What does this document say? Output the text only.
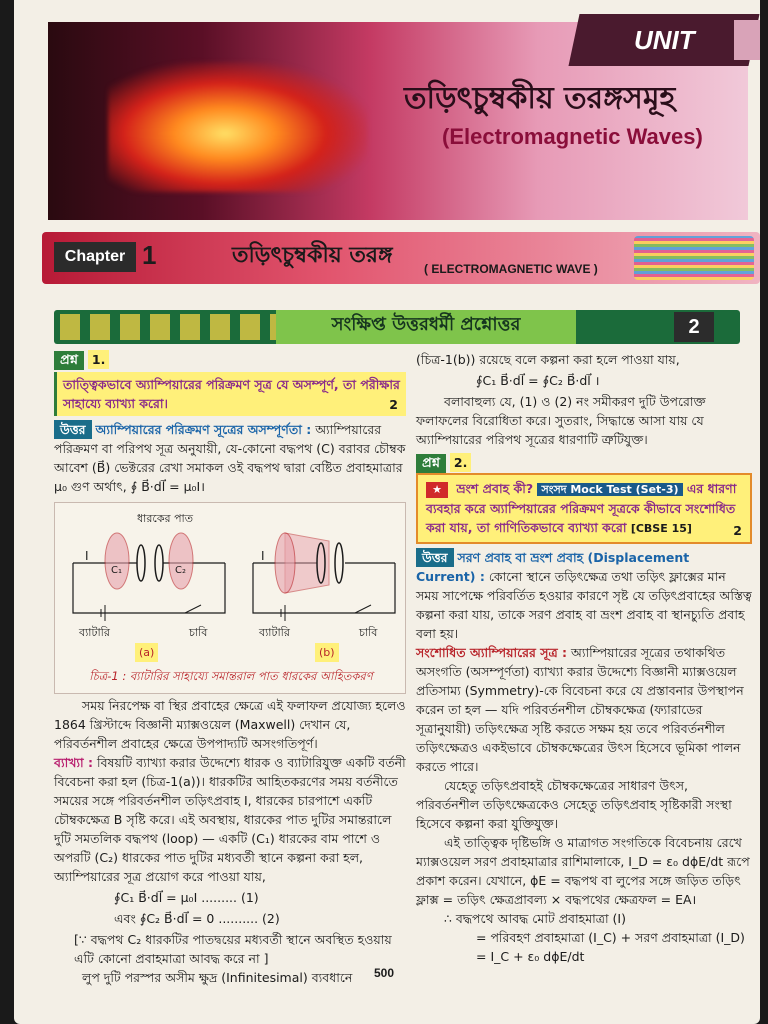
UNIT
তড়িৎচুম্বকীয় তরঙ্গসমূহ
(Electromagnetic Waves)
Chapter 1	তড়িৎচুম্বকীয় তরঙ্গ
( ELECTROMAGNETIC WAVE )
সংক্ষিপ্ত উত্তরধর্মী প্রশ্নোত্তর	2
প্রশ্ন 1.
তাত্ত্বিকভাবে অ্যাম্পিয়ারের পরিক্রমণ সূত্র যে অসম্পূর্ণ, তা পরীক্ষার সাহায্যে ব্যাখ্যা করো।	2
উত্তর অ্যাম্পিয়ারের পরিক্রমণ সূত্রের অসম্পূর্ণতা : অ্যাম্পিয়ারের পরিক্রমণ বা পরিপথ সূত্র অনুযায়ী, যে-কোনো বদ্ধপথ (C) বরাবর চৌম্বক আবেশ (B⃗) ভেক্টরের রেখা সমাকল ওই বদ্ধপথ দ্বারা বেষ্টিত প্রবাহমাত্রার μ₀ গুণ অর্থাৎ, ∮ B⃗·dl⃗ = μ₀I।
ধারকের পাত
I	I
C₁	C₂
ব্যাটারি	চাবি	ব্যাটারি	চাবি
(a)	(b)
চিত্র-1 : ব্যাটারির সাহায্যে সমান্তরাল পাত ধারকের আহিতকরণ
সময় নিরপেক্ষ বা স্থির প্রবাহের ক্ষেত্রে এই ফলাফল প্রযোজ্য হলেও 1864 খ্রিস্টাব্দে বিজ্ঞানী ম্যাক্সওয়েল (Maxwell) দেখান যে, পরিবর্তনশীল প্রবাহের ক্ষেত্রে উপপাদ্যটি অসংগতিপূর্ণ।
ব্যাখ্যা : বিষয়টি ব্যাখ্যা করার উদ্দেশ্যে ধারক ও ব্যাটারিযুক্ত একটি বর্তনী বিবেচনা করা হল (চিত্র-1(a))। ধারকটির আহিতকরণের সময় বর্তনীতে সময়ের সঙ্গে পরিবর্তনশীল তড়িৎপ্রবাহ I, ধারকের চারপাশে একটি চৌম্বকক্ষেত্র B সৃষ্টি করে। এই অবস্থায়, ধারকের পাত দুটির সমান্তরালে দুটি সমতলিক বদ্ধপথ (loop) — একটি (C₁) ধারকের বাম পাশে ও অপরটি (C₂) ধারকের পাত দুটির মধ্যবর্তী স্থানে কল্পনা করা হল, অ্যাম্পিয়ারের সূত্র প্রয়োগ করে পাওয়া যায়,
∮C₁ B⃗·dl⃗ = μ₀I ......... (1)
এবং ∮C₂ B⃗·dl⃗ = 0 .......... (2)
[∵ বদ্ধপথ C₂ ধারকটির পাতদ্বয়ের মধ্যবর্তী স্থানে অবস্থিত হওয়ায় এটি কোনো প্রবাহমাত্রা আবদ্ধ করে না ]
লুপ দুটি পরস্পর অসীম ক্ষুদ্র (Infinitesimal) ব্যবধানে
(চিত্র-1(b)) রয়েছে বলে কল্পনা করা হলে পাওয়া যায়,
∮C₁ B⃗·dl⃗ = ∮C₂ B⃗·dl⃗ ।
বলাবাহুল্য যে, (1) ও (2) নং সমীকরণ দুটি উপরোক্ত ফলাফলের বিরোধিতা করে। সুতরাং, সিদ্ধান্তে আসা যায় যে অ্যাম্পিয়ারের পরিপথ সূত্রের ধারণাটি ত্রুটিযুক্ত।
প্রশ্ন 2.
★ ভ্রংশ প্রবাহ কী? সংসদ Mock Test (Set-3) এর ধারণা ব্যবহার করে অ্যাম্পিয়ারের পরিক্রমণ সূত্রকে কীভাবে সংশোধিত করা যায়, তা গাণিতিকভাবে ব্যাখ্যা করো [CBSE 15]	2
উত্তর সরণ প্রবাহ বা ভ্রংশ প্রবাহ (Displacement Current) : কোনো স্থানে তড়িৎক্ষেত্র তথা তড়িৎ ফ্লাক্সের মান সময় সাপেক্ষে পরিবর্তিত হওয়ার কারণে সৃষ্ট যে তড়িৎপ্রবাহের অস্তিত্ব কল্পনা করা যায়, তাকে সরণ প্রবাহ বা ভ্রংশ প্রবাহ বা স্থানচ্যুতি প্রবাহ বলা হয়।
সংশোধিত অ্যাম্পিয়ারের সূত্র : অ্যাম্পিয়ারের সূত্রের তথাকথিত অসংগতি (অসম্পূর্ণতা) ব্যাখ্যা করার উদ্দেশ্যে বিজ্ঞানী ম্যাক্সওয়েল প্রতিসাম্য (Symmetry)-কে বিবেচনা করে যে প্রস্তাবনার উপস্থাপন করেন তা হল — যদি পরিবর্তনশীল চৌম্বকক্ষেত্র (ফ্যারাডের সূত্রানুযায়ী) তড়িৎক্ষেত্র সৃষ্টি করতে সক্ষম হয় তবে পরিবর্তনশীল তড়িৎক্ষেত্রও একইভাবে চৌম্বকক্ষেত্রের উৎস হিসেবে ভূমিকা পালন করতে পারে।
যেহেতু তড়িৎপ্রবাহই চৌম্বকক্ষেত্রের সাধারণ উৎস, পরিবর্তনশীল তড়িৎক্ষেত্রকেও সেহেতু তড়িৎপ্রবাহ সৃষ্টিকারী সংস্থা হিসেবে কল্পনা করা যুক্তিযুক্ত।
এই তাত্ত্বিক দৃষ্টিভঙ্গি ও মাত্রাগত সংগতিকে বিবেচনায় রেখে ম্যাক্সওয়েল সরণ প্রবাহমাত্রার রাশিমালাকে, I_D = ε₀ dϕE/dt রূপে প্রকাশ করেন। যেখানে, ϕE = বদ্ধপথ বা লুপের সঙ্গে জড়িত তড়িৎ ফ্লাক্স = তড়িৎ ক্ষেত্রপ্রাবল্য × বদ্ধপথের ক্ষেত্রফল = EA।
∴ বদ্ধপথে আবদ্ধ মোট প্রবাহমাত্রা (I)
= পরিবহণ প্রবাহমাত্রা (I_C) + সরণ প্রবাহমাত্রা (I_D)
= I_C + ε₀ dϕE/dt
500
